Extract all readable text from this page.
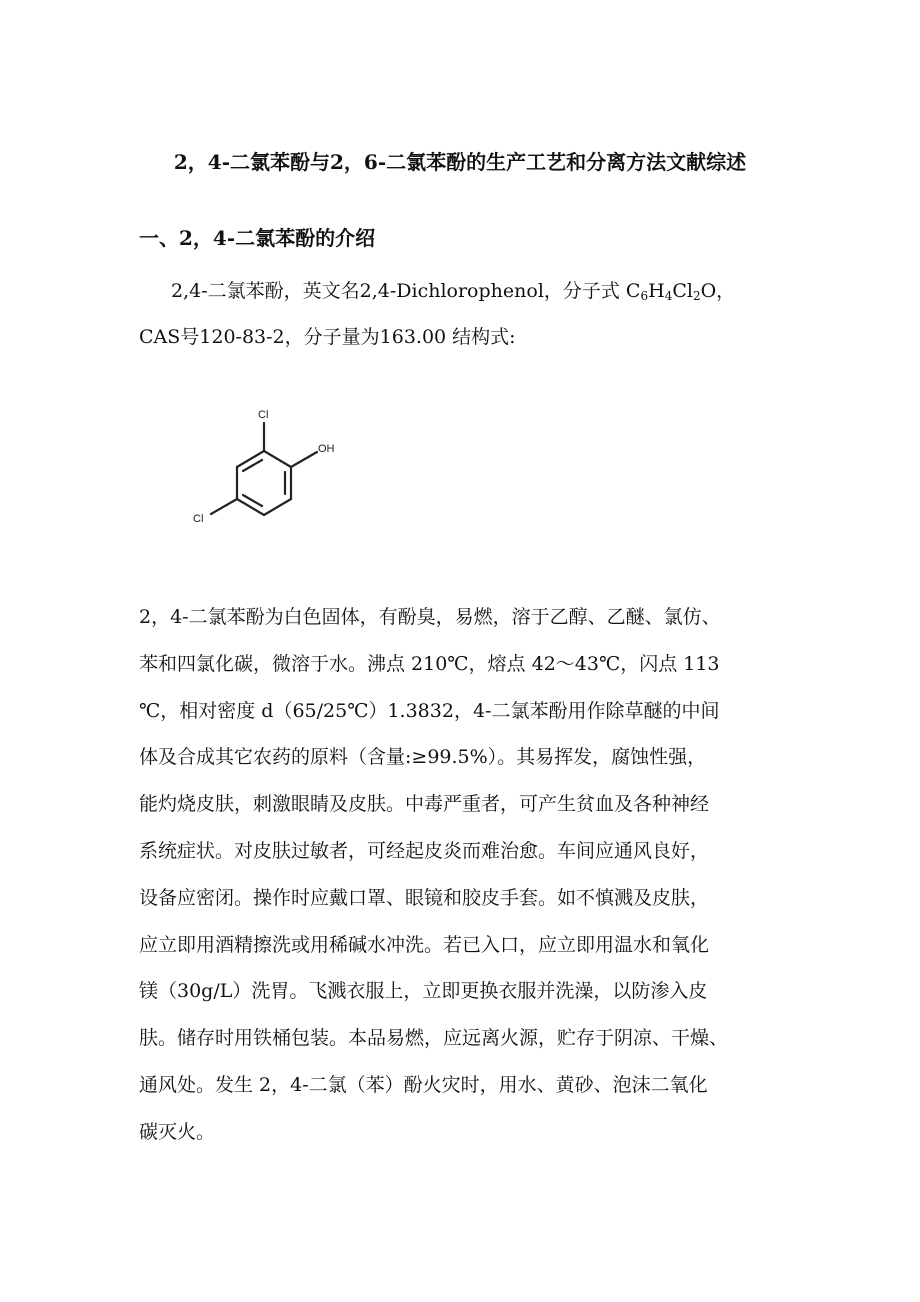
2，4-二氯苯酚与2，6-二氯苯酚的生产工艺和分离方法文献综述
一、2，4-二氯苯酚的介绍
2,4-二氯苯酚，英文名2,4-Dichlorophenol，分子式 $C_6H_4Cl_2O$，
CAS号120-83-2，分子量为163.00 结构式:
Cl
OH
Cl
2，4-二氯苯酚为白色固体，有酚臭，易燃，溶于乙醇、乙醚、氯仿、
苯和四氯化碳，微溶于水。沸点 210℃，熔点 42～43℃，闪点 113
℃，相对密度 d（65/25℃）1.3832，4-二氯苯酚用作除草醚的中间
体及合成其它农药的原料（含量:≥99.5%）。其易挥发，腐蚀性强，
能灼烧皮肤，刺激眼睛及皮肤。中毒严重者，可产生贫血及各种神经
系统症状。对皮肤过敏者，可经起皮炎而难治愈。车间应通风良好，
设备应密闭。操作时应戴口罩、眼镜和胶皮手套。如不慎溅及皮肤，
应立即用酒精擦洗或用稀碱水冲洗。若已入口，应立即用温水和氧化
镁（30g/L）洗胃。飞溅衣服上，立即更换衣服并洗澡，以防渗入皮
肤。储存时用铁桶包装。本品易燃，应远离火源，贮存于阴凉、干燥、
通风处。发生 2，4-二氯（苯）酚火灾时，用水、黄砂、泡沫二氧化
碳灭火。
